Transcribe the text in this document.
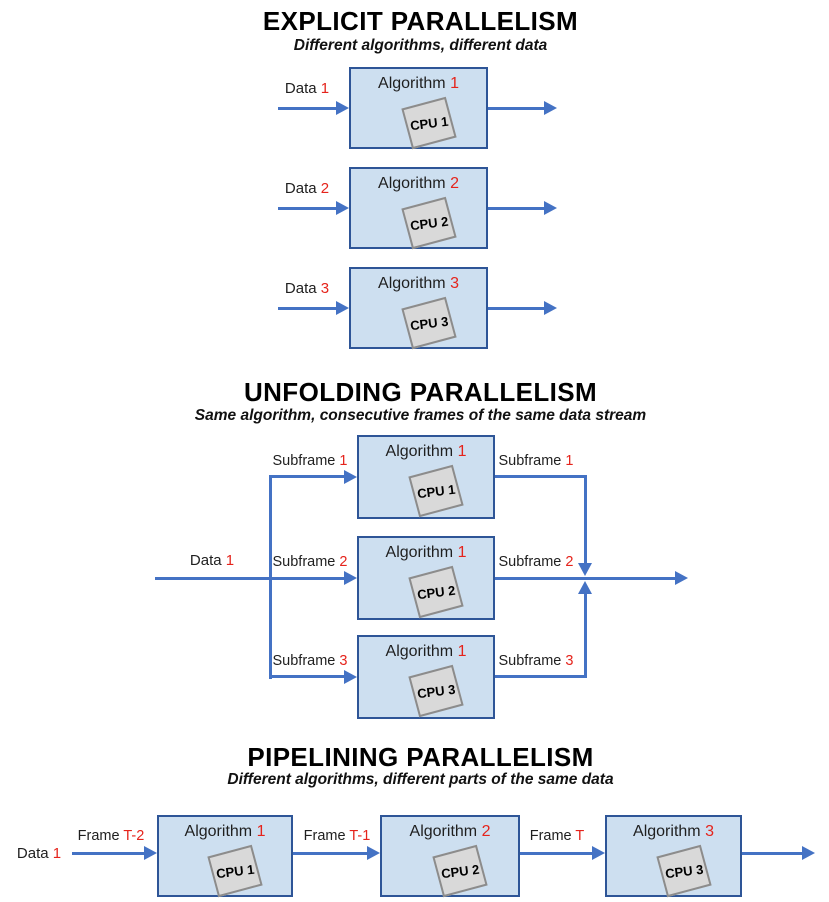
EXPLICIT PARALLELISM
Different algorithms, different data
Data 1	Algorithm 1
CPU 1
Data 2	Algorithm 2
CPU 2
Data 3	Algorithm 3
CPU 3
UNFOLDING PARALLELISM
Same algorithm, consecutive frames of the same data stream
Data 1
Subframe 1
Subframe 2
Subframe 3
Algorithm 1
CPU 1
Algorithm 1
CPU 2
Algorithm 1
CPU 3
Subframe 1
Subframe 2
Subframe 3
PIPELINING PARALLELISM
Different algorithms, different parts of the same data
Data 1
Frame T-2	Algorithm 1
CPU 1
Frame T-1	Algorithm 2
CPU 2
Frame T	Algorithm 3
CPU 3
